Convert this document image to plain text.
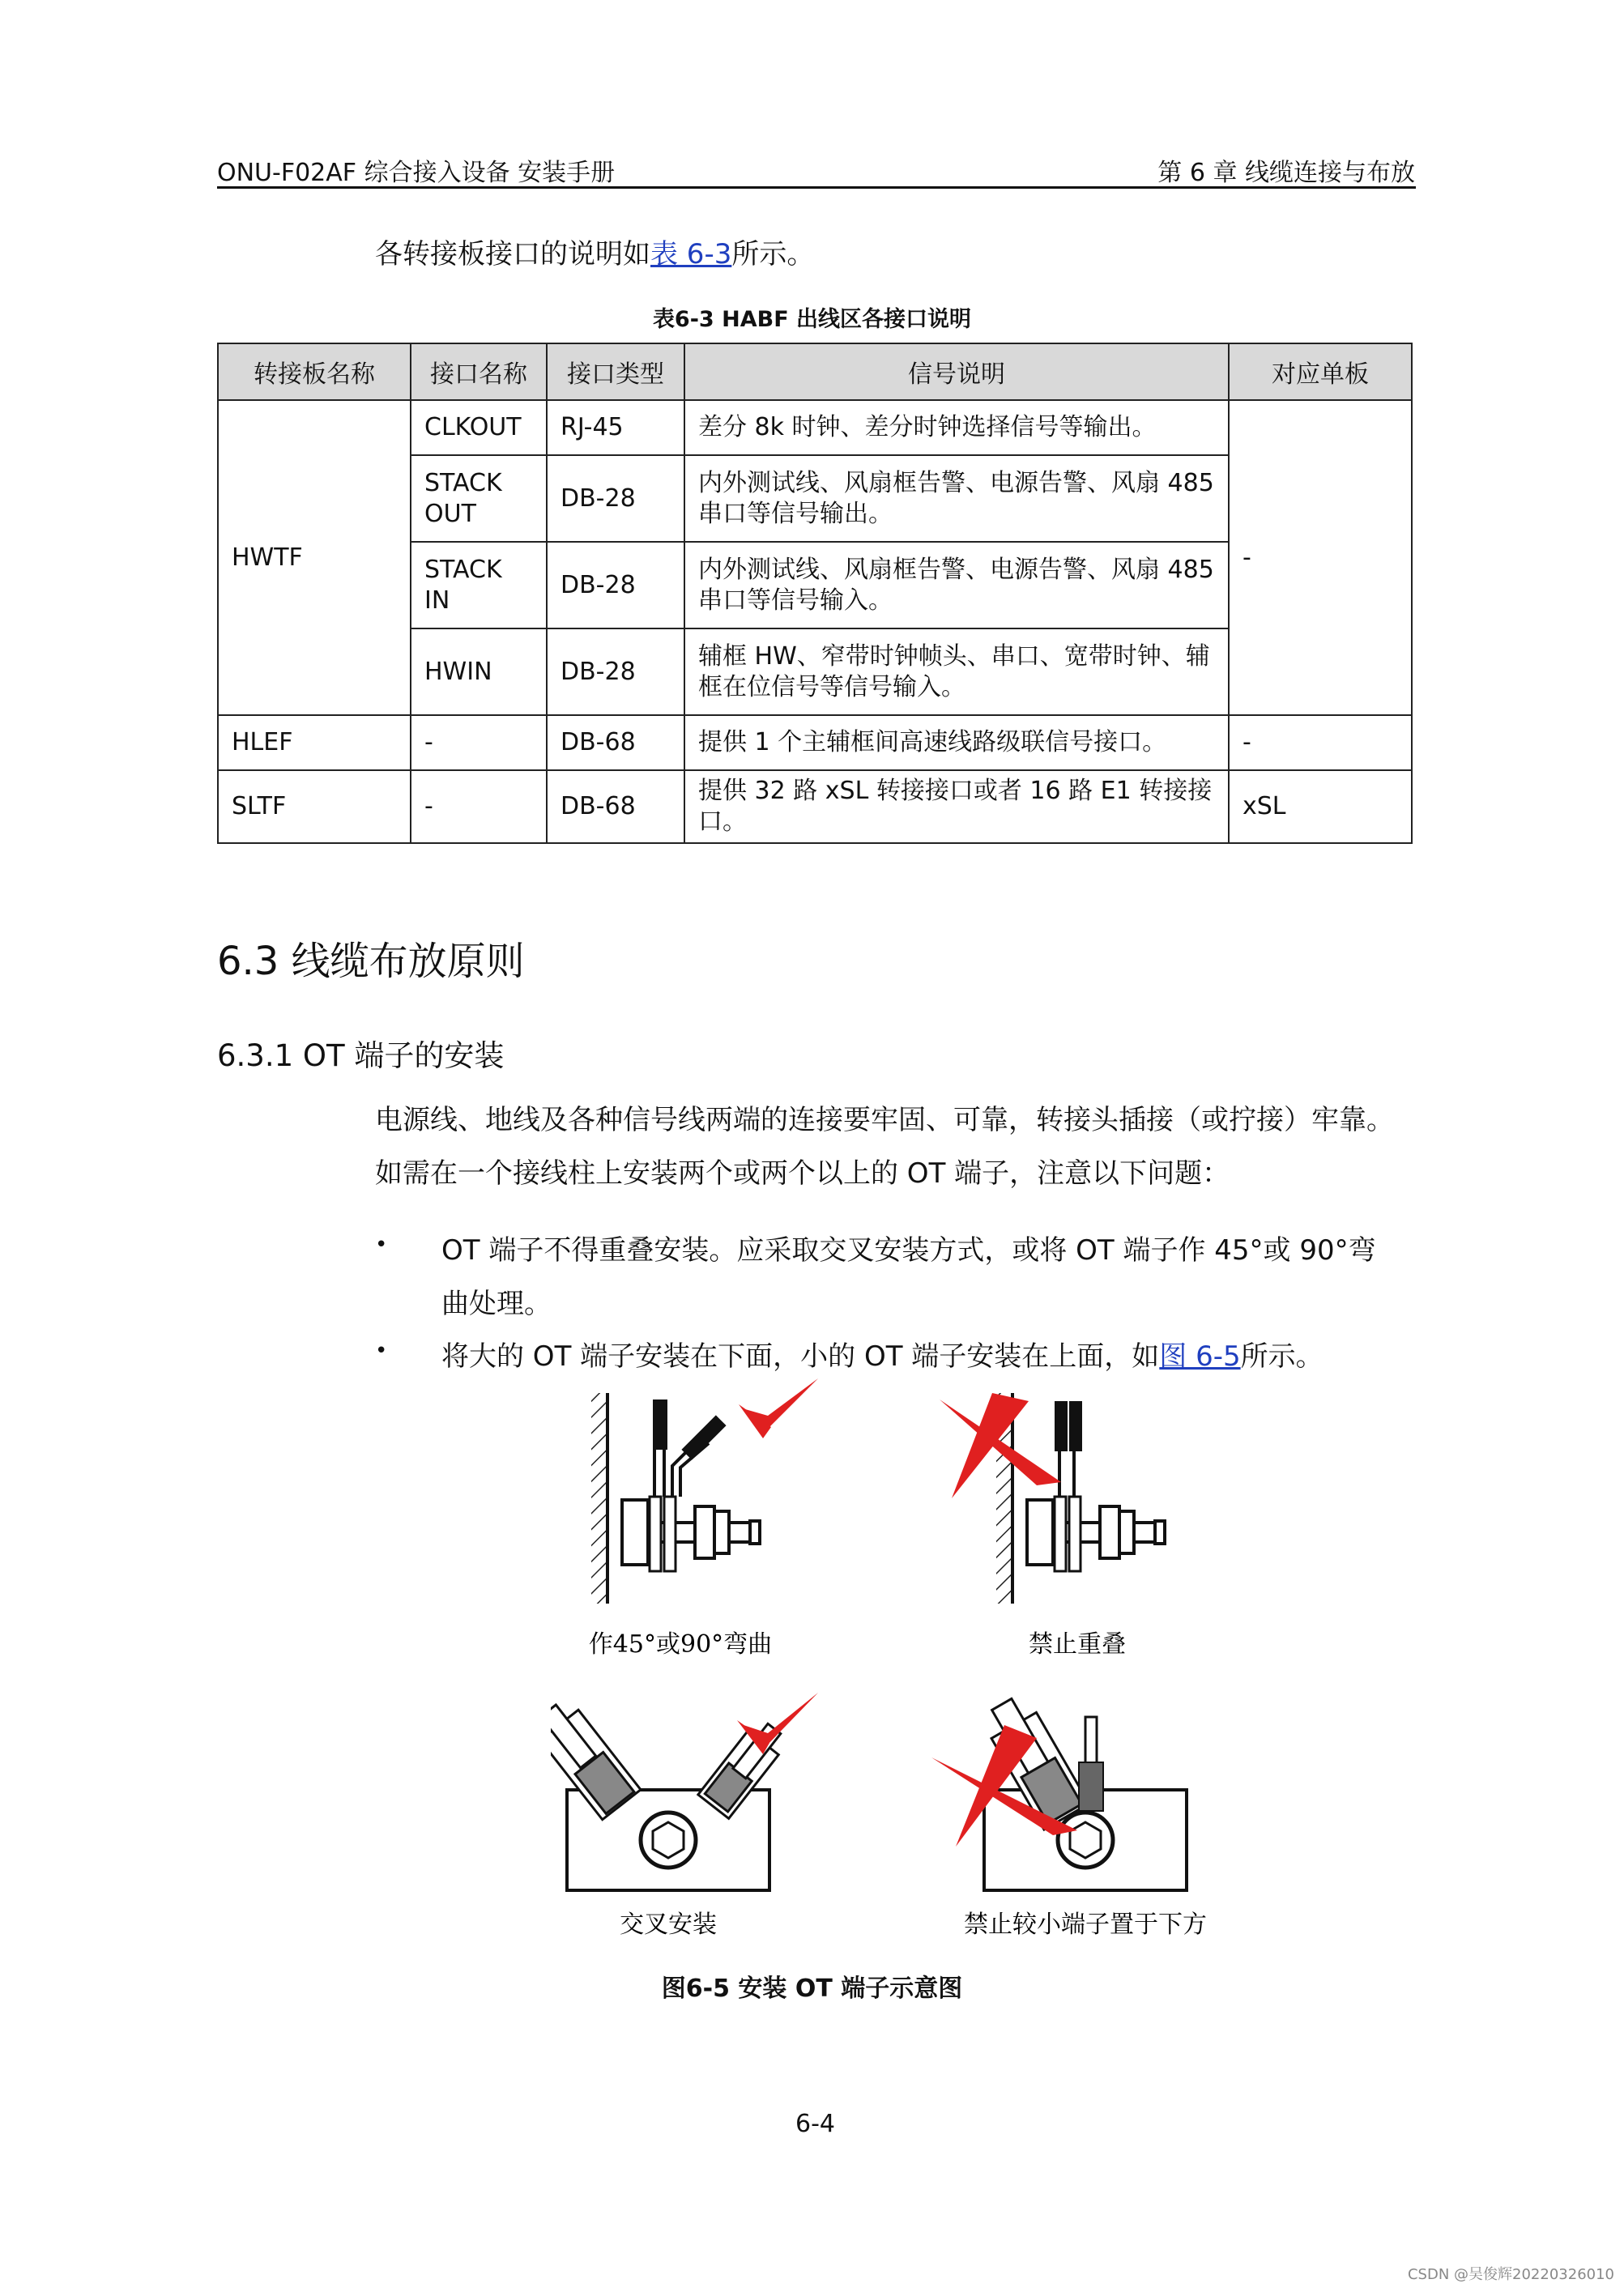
ONU-F02AF 综合接入设备 安装手册	第 6 章 线缆连接与布放
各转接板接口的说明如表 6-3所示。
表6-3 HABF 出线区各接口说明
转接板名称	接口名称	接口类型	信号说明	对应单板
HWTF	CLKOUT	RJ-45	差分 8k 时钟、差分时钟选择信号等输出。	-
	STACK OUT	DB-28	内外测试线、风扇框告警、电源告警、风扇 485 串口等信号输出。	
	STACK IN	DB-28	内外测试线、风扇框告警、电源告警、风扇 485 串口等信号输入。	
	HWIN	DB-28	辅框 HW、窄带时钟帧头、串口、宽带时钟、辅框在位信号等信号输入。	
HLEF	-	DB-68	提供 1 个主辅框间高速线路级联信号接口。	-
SLTF	-	DB-68	提供 32 路 xSL 转接接口或者 16 路 E1 转接接口。	xSL
6.3 线缆布放原则
6.3.1 OT 端子的安装
电源线、地线及各种信号线两端的连接要牢固、可靠，转接头插接（或拧接）牢靠。如需在一个接线柱上安装两个或两个以上的 OT 端子，注意以下问题：
• OT 端子不得重叠安装。应采取交叉安装方式，或将 OT 端子作 45°或 90°弯
曲处理。
• 将大的 OT 端子安装在下面，小的 OT 端子安装在上面，如图 6-5所示。
作45°或90°弯曲	禁止重叠
交叉安装	禁止较小端子置于下方
图6-5 安装 OT 端子示意图
6-4
CSDN @吴俊辉20220326010
